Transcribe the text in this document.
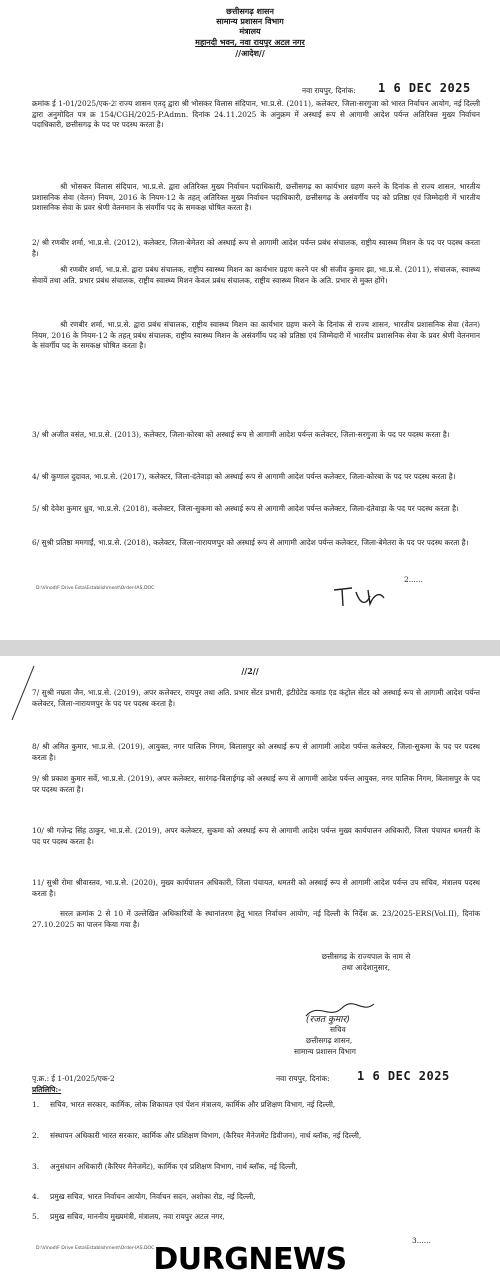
छत्तीसगढ़ शासन
सामान्य प्रशासन विभाग
मंत्रालय
महानदी भवन, नवा रायपुर अटल नगर
//आदेश//
नवा रायपुर, दिनांक: 1 6 DEC 2025
क्रमांक ई 1-01/2025/एक-2ः राज्य शासन एतद् द्वारा श्री भोसकर विलास संदिपान, भा.प्र.से. (2011), कलेक्टर, जिला-सरगुजा को भारत निर्वाचन आयोग, नई दिल्ली द्वारा अनुमोदित पत्र क्र 154/CGH/2025-P.Admn. दिनांक 24.11.2025 के अनुक्रम में अस्थाई रूप से आगामी आदेश पर्यन्त अतिरिक्त मुख्य निर्वाचन पदाधिकारी, छत्तीसगढ़ के पद पर पदस्थ करता है।
श्री भोसकर विलास संदिपान, भा.प्र.से. द्वारा अतिरिक्त मुख्य निर्वाचन पदाधिकारी, छत्तीसगढ़ का कार्यभार ग्रहण करने के दिनांक से राज्य शासन, भारतीय प्रशासनिक सेवा (वेतन) नियम, 2016 के नियम-12 के तहत् अतिरिक्त मुख्य निर्वाचन पदाधिकारी, छत्तीसगढ़ के असंवर्गीय पद को प्रतिष्ठा एवं जिम्मेदारी में भारतीय प्रशासनिक सेवा के प्रवर श्रेणी वेतनमान के संवर्गीय पद के समकक्ष घोषित करता है।
2/ श्री रणबीर शर्मा, भा.प्र.से. (2012), कलेक्टर, जिला-बेमेतरा को अस्थाई रूप से आगामी आदेश पर्यन्त प्रबंध संचालक, राष्ट्रीय स्वास्थ्य मिशन के पद पर पदस्थ करता है।
श्री रणबीर शर्मा, भा.प्र.से. द्वारा प्रबंध संचालक, राष्ट्रीय स्वास्थ्य मिशन का कार्यभार ग्रहण करने पर श्री संजीव कुमार झा, भा.प्र.से. (2011), संचालक, स्वास्थ्य सेवायें तथा अति. प्रभार प्रबंध संचालक, राष्ट्रीय स्वास्थ्य मिशन केवल प्रबंध संचालक, राष्ट्रीय स्वास्थ्य मिशन के अति. प्रभार से मुक्त होंगे।
श्री रणबीर शर्मा, भा.प्र.से. द्वारा प्रबंध संचालक, राष्ट्रीय स्वास्थ्य मिशन का कार्यभार ग्रहण करने के दिनांक से राज्य शासन, भारतीय प्रशासनिक सेवा (वेतन) नियम, 2016 के नियम-12 के तहत् प्रबंध संचालक, राष्ट्रीय स्वास्थ्य मिशन के असंवर्गीय पद को प्रतिष्ठा एवं जिम्मेदारी में भारतीय प्रशासनिक सेवा के प्रवर श्रेणी वेतनमान के संवर्गीय पद के समकक्ष घोषित करता है।
3/ श्री अजीत वसंत, भा.प्र.से. (2013), कलेक्टर, जिला-कोरबा को अस्थाई रूप से आगामी आदेश पर्यन्त कलेक्टर, जिला-सरगुजा के पद पर पदस्थ करता है।
4/ श्री कुणाल दुदावत, भा.प्र.से. (2017), कलेक्टर, जिला-दंतेवाड़ा को अस्थाई रूप से आगामी आदेश पर्यन्त कलेक्टर, जिला-कोरबा के पद पर पदस्थ करता है।
5/ श्री देवेश कुमार ध्रुव, भा.प्र.से. (2018), कलेक्टर, जिला-सुकमा को अस्थाई रूप से आगामी आदेश पर्यन्त कलेक्टर, जिला-दंतेवाड़ा के पद पर पदस्थ करता है।
6/ सुश्री प्रतिष्ठा ममगाईं, भा.प्र.से. (2018), कलेक्टर, जिला-नारायणपुर को अस्थाई रूप से आगामी आदेश पर्यन्त कलेक्टर, जिला-बेमेतरा के पद पर पदस्थ करता है।
2......
D:\Vinod\F Drive Esta\Establishment\Order-IAS.DOC
//2//
7/ सुश्री नम्रता जैन, भा.प्र.से. (2019), अपर कलेक्टर, रायपुर तथा अति. प्रभार सेंटर प्रभारी, इंटीग्रेटेड कमांड एंड कंट्रोल सेंटर को अस्थाई रूप से आगामी आदेश पर्यन्त कलेक्टर, जिला-नारायणपुर के पद पर पदस्थ करता है।
8/ श्री अमित कुमार, भा.प्र.से. (2019), आयुक्त, नगर पालिक निगम, बिलासपुर को अस्थाई रूप से आगामी आदेश पर्यन्त कलेक्टर, जिला-सुकमा के पद पर पदस्थ करता है।
9/ श्री प्रकाश कुमार सर्वे, भा.प्र.से. (2019), अपर कलेक्टर, सारंगढ़-बिलाईगढ़ को अस्थाई रूप से आगामी आदेश पर्यन्त आयुक्त, नगर पालिक निगम, बिलासपुर के पद पर पदस्थ करता है।
10/ श्री गजेन्द्र सिंह ठाकुर, भा.प्र.से. (2019), अपर कलेक्टर, सुकमा को अस्थाई रूप से आगामी आदेश पर्यन्त मुख्य कार्यपालन अधिकारी, जिला पंचायत धमतरी के पद पर पदस्थ करता है।
11/ सुश्री रोमा श्रीवास्तव, भा.प्र.से. (2020), मुख्य कार्यपालन अधिकारी, जिला पंचायत, धमतरी को अस्थाई रूप से आगामी आदेश पर्यन्त उप सचिव, मंत्रालय पदस्थ करता है।
सरल क्रमांक 2 से 10 में उल्लेखित अधिकारियों के स्थानांतरण हेतु भारत निर्वाचन आयोग, नई दिल्ली के निर्देश क्र. 23/2025-ERS(Vol.II), दिनांक 27.10.2025 का पालन किया गया है।
छत्तीसगढ़ के राज्यपाल के नाम से
तथा आदेशानुसार,
(रजत कुमार)
सचिव
छत्तीसगढ़ शासन,
सामान्य प्रशासन विभाग
पृ.क्र.: ई 1-01/2025/एक-2	नवा रायपुर, दिनांक: 1 6 DEC 2025
प्रतिलिपि:-
1. सचिव, भारत सरकार, कार्मिक, लोक शिकायत एवं पेंशन मंत्रालय, कार्मिक और प्रशिक्षण विभाग, नई दिल्ली,
2. संस्थापन अधिकारी भारत सरकार, कार्मिक और प्रशिक्षण विभाग, (कैरियर मैनेजमेंट डिवीजन), नार्थ ब्लॉक, नई दिल्ली,
3. अनुसंधान अधिकारी (कैरियर मैनेजमेंट), कार्मिक एवं प्रशिक्षण विभाग, नार्थ ब्लॉक, नई दिल्ली,
4. प्रमुख सचिव, भारत निर्वाचन आयोग, निर्वाचन सदन, अशोका रोड, नई दिल्ली,
5. प्रमुख सचिव, माननीय मुख्यमंत्री, मंत्रालय, नवा रायपुर अटल नगर,
D:\Vinod\F Drive Esta\Establishment\Order-IAS.DOC
3......
DURGNEWS
